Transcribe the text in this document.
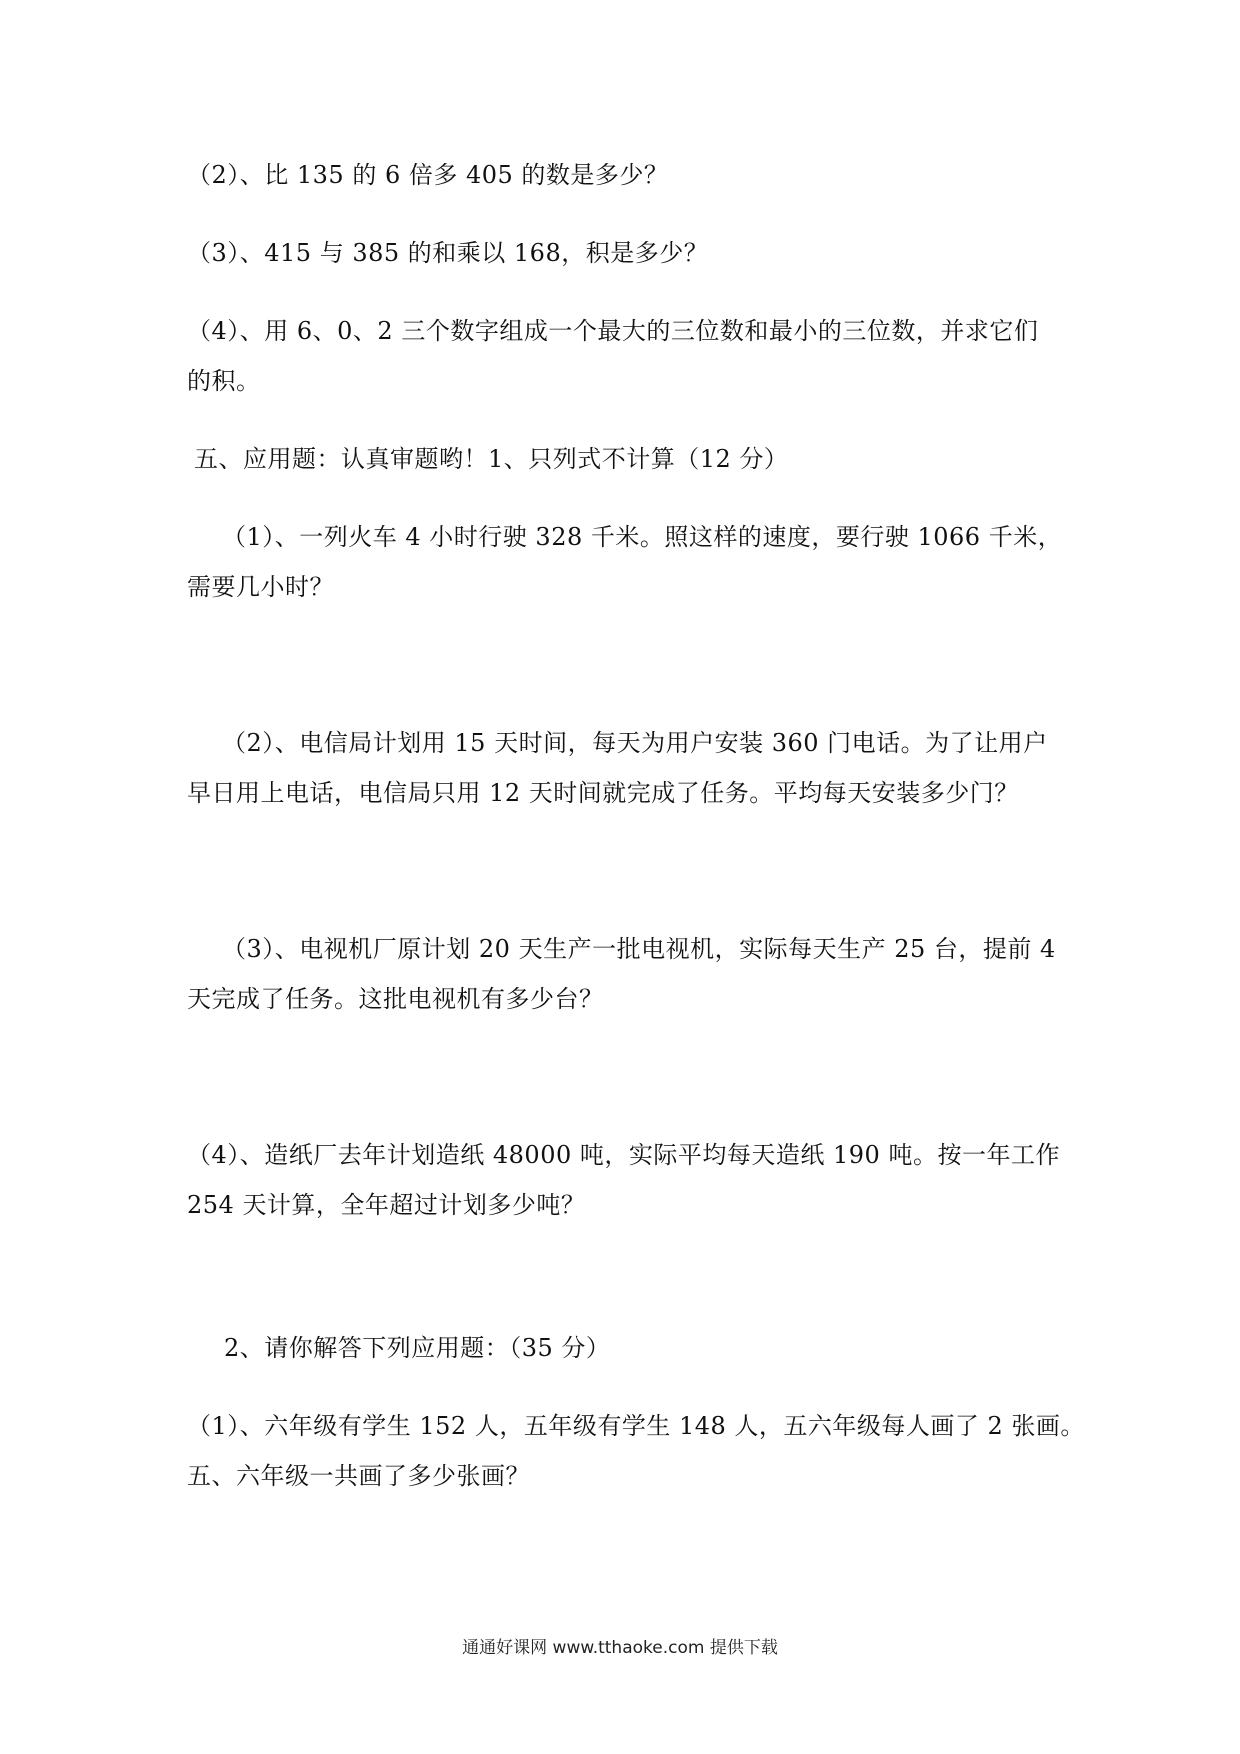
（2）、比 135 的 6 倍多 405 的数是多少？
（3）、415 与 385 的和乘以 168，积是多少？
（4）、用 6、0、2 三个数字组成一个最大的三位数和最小的三位数，并求它们
的积。
五、应用题：认真审题哟！1、只列式不计算（12 分）
（1）、一列火车 4 小时行驶 328 千米。照这样的速度，要行驶 1066 千米，
需要几小时？
（2）、电信局计划用 15 天时间，每天为用户安装 360 门电话。为了让用户
早日用上电话，电信局只用 12 天时间就完成了任务。平均每天安装多少门？
（3）、电视机厂原计划 20 天生产一批电视机，实际每天生产 25 台，提前 4
天完成了任务。这批电视机有多少台？
（4）、造纸厂去年计划造纸 48000 吨，实际平均每天造纸 190 吨。按一年工作
254 天计算，全年超过计划多少吨？
2、请你解答下列应用题：（35 分）
（1）、六年级有学生 152 人，五年级有学生 148 人，五六年级每人画了 2 张画。
五、六年级一共画了多少张画？
通通好课网 www.tthaoke.com 提供下载
